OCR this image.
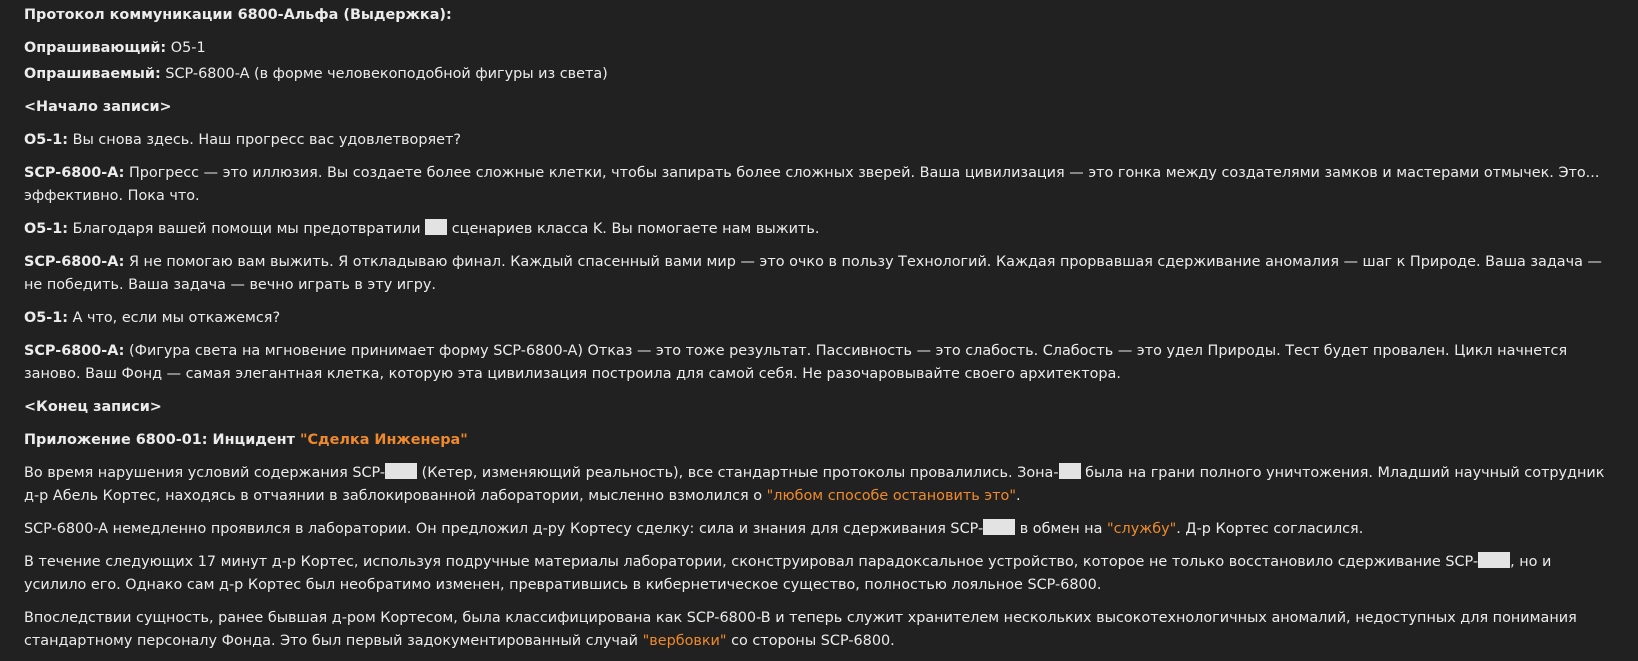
Протокол коммуникации 6800-Альфа (Выдержка):

Опрашивающий: O5-1

Опрашиваемый: SCP-6800-A (в форме человекоподобной фигуры из света)

<Начало записи>

O5-1: Вы снова здесь. Наш прогресс вас удовлетворяет?

SCP-6800-A: Прогресс — это иллюзия. Вы создаете более сложные клетки, чтобы запирать более сложных зверей. Ваша цивилизация — это гонка между создателями замков и мастерами отмычек. Это... эффективно. Пока что.

O5-1: Благодаря вашей помощи мы предотвратили  сценариев класса K. Вы помогаете нам выжить.

SCP-6800-A: Я не помогаю вам выжить. Я откладываю финал. Каждый спасенный вами мир — это очко в пользу Технологий. Каждая прорвавшая сдерживание аномалия — шаг к Природе. Ваша задача — не победить. Ваша задача — вечно играть в эту игру.

O5-1: А что, если мы откажемся?

SCP-6800-A: (Фигура света на мгновение принимает форму SCP-6800-A) Отказ — это тоже результат. Пассивность — это слабость. Слабость — это удел Природы. Тест будет провален. Цикл начнется заново. Ваш Фонд — самая элегантная клетка, которую эта цивилизация построила для самой себя. Не разочаровывайте своего архитектора.

<Конец записи>

Приложение 6800-01: Инцидент "Сделка Инженера"

Во время нарушения условий содержания SCP- (Кетер, изменяющий реальность), все стандартные протоколы провалились. Зона- была на грани полного уничтожения. Младший научный сотрудник д-р Абель Кортес, находясь в отчаянии в заблокированной лаборатории, мысленно взмолился о "любом способе остановить это".

SCP-6800-A немедленно проявился в лаборатории. Он предложил д-ру Кортесу сделку: сила и знания для сдерживания SCP- в обмен на "службу". Д-р Кортес согласился.

В течение следующих 17 минут д-р Кортес, используя подручные материалы лаборатории, сконструировал парадоксальное устройство, которое не только восстановило сдерживание SCP- , но и усилило его. Однако сам д-р Кортес был необратимо изменен, превратившись в кибернетическое существо, полностью лояльное SCP-6800.

Впоследствии сущность, ранее бывшая д-ром Кортесом, была классифицирована как SCP-6800-B и теперь служит хранителем нескольких высокотехнологичных аномалий, недоступных для понимания стандартному персоналу Фонда. Это был первый задокументированный случай "вербовки" со стороны SCP-6800.
